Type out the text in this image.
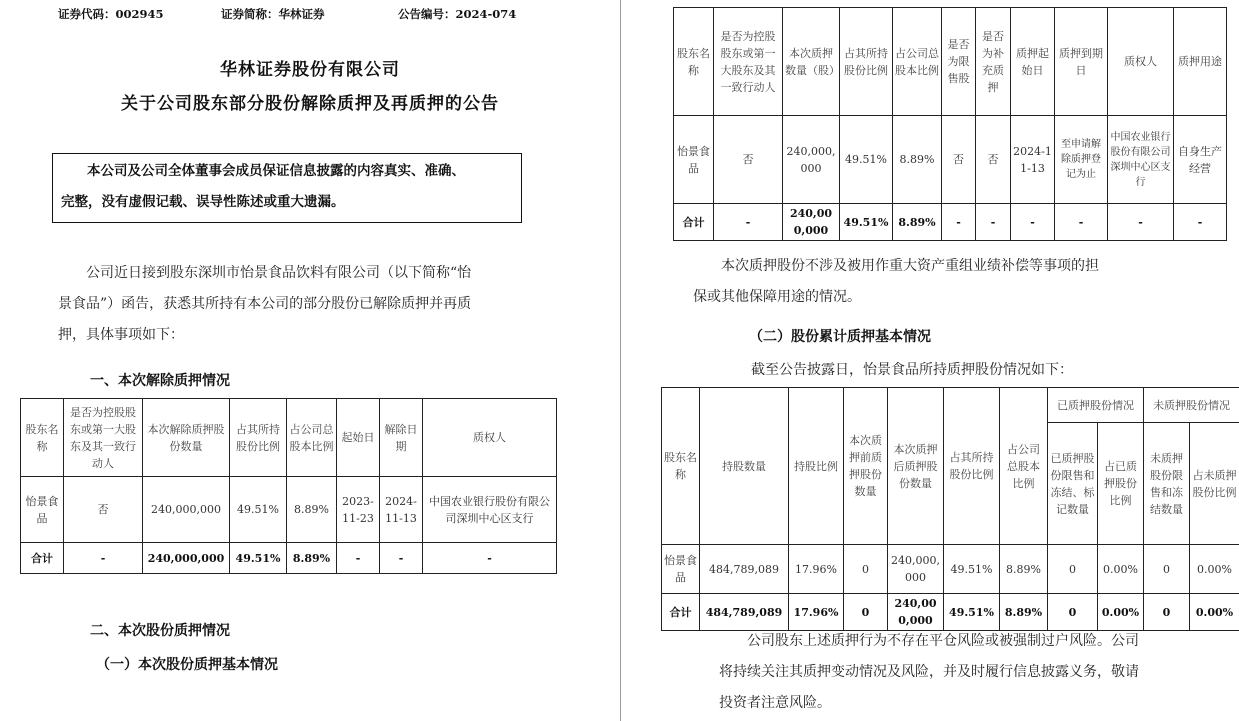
证券代码：002945	证券简称：华林证券	公告编号：2024-074
华林证券股份有限公司
关于公司股东部分股份解除质押及再质押的公告
本公司及公司全体董事会成员保证信息披露的内容真实、准确、
完整，没有虚假记载、误导性陈述或重大遗漏。
公司近日接到股东深圳市怡景食品饮料有限公司（以下简称“怡
景食品”）函告，获悉其所持有本公司的部分股份已解除质押并再质
押，具体事项如下：
一、本次解除质押情况
股东名称	是否为控股股东或第一大股东及其一致行动人	本次解除质押股份数量	占其所持股份比例	占公司总股本比例	起始日	解除日期	质权人
怡景食品	否	240,000,000	49.51%	8.89%	2023-11-23	2024-11-13	中国农业银行股份有限公司深圳中心区支行
合计	-	240,000,000	49.51%	8.89%	-	-	-
二、本次股份质押情况
（一）本次股份质押基本情况
股东名称	是否为控股股东或第一大股东及其一致行动人	本次质押数量（股）	占其所持股份比例	占公司总股本比例	是否为限售股	是否为补充质押	质押起始日	质押到期日	质权人	质押用途
怡景食品	否	240,000,000	49.51%	8.89%	否	否	2024-11-13	至申请解除质押登记为止	中国农业银行股份有限公司深圳中心区支行	自身生产经营
合计	-	240,000,000	49.51%	8.89%	-	-	-	-	-	-
本次质押股份不涉及被用作重大资产重组业绩补偿等事项的担
保或其他保障用途的情况。
（二）股份累计质押基本情况
截至公告披露日，怡景食品所持质押股份情况如下：
股东名称	持股数量	持股比例	本次质押前质押股份数量	本次质押后质押股份数量	占其所持股份比例	占公司总股本比例	已质押股份情况		未质押股份情况	
							已质押股份限售和冻结、标记数量	占已质押股份比例	未质押股份限售和冻结数量	占未质押股份比例
怡景食品	484,789,089	17.96%	0	240,000,000	49.51%	8.89%	0	0.00%	0	0.00%
合计	484,789,089	17.96%	0	240,000,000	49.51%	8.89%	0	0.00%	0	0.00%
公司股东上述质押行为不存在平仓风险或被强制过户风险。公司
将持续关注其质押变动情况及风险，并及时履行信息披露义务，敬请
投资者注意风险。
